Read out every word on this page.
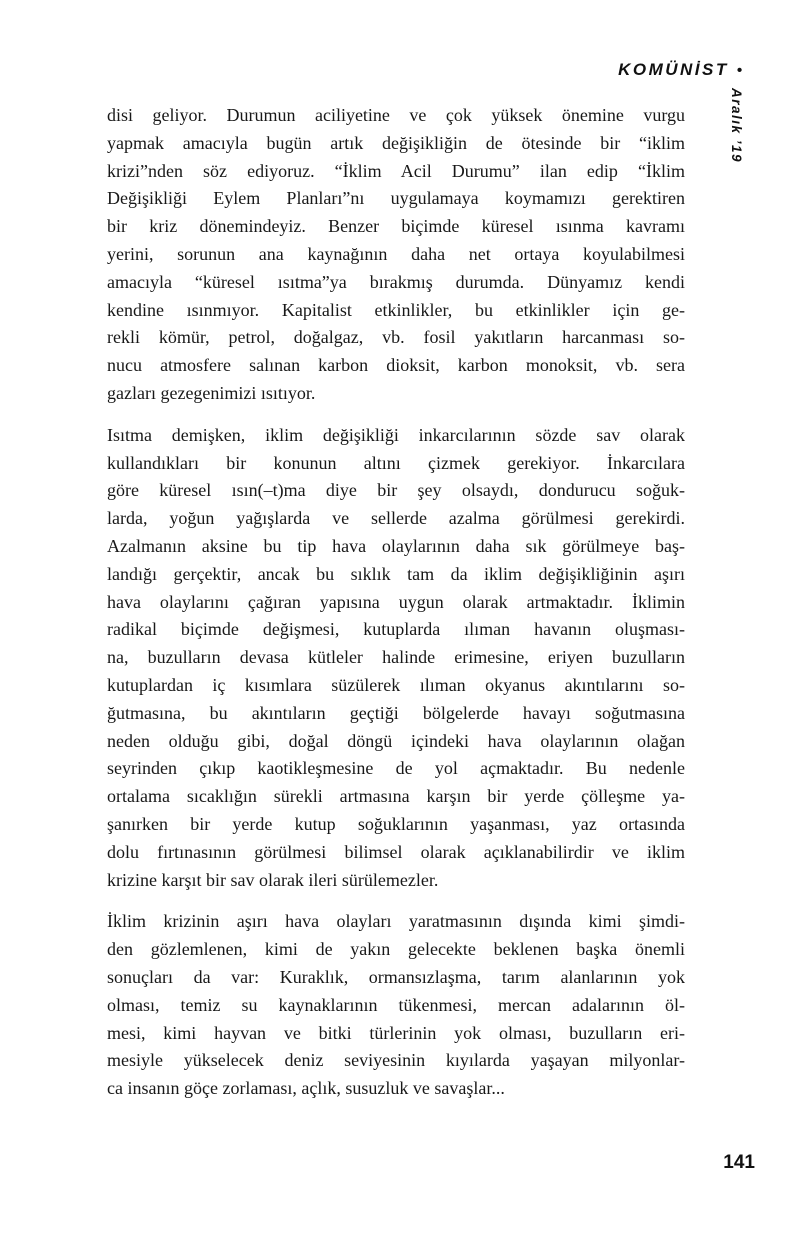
KOMÜNİST •
Aralık ’19
disi geliyor. Durumun aciliyetine ve çok yüksek önemine vurgu
yapmak amacıyla bugün artık değişikliğin de ötesinde bir “iklim
krizi”nden söz ediyoruz. “İklim Acil Durumu” ilan edip “İklim
Değişikliği Eylem Planları”nı uygulamaya koymamızı gerektiren
bir kriz dönemindeyiz. Benzer biçimde küresel ısınma kavramı
yerini, sorunun ana kaynağının daha net ortaya koyulabilmesi
amacıyla “küresel ısıtma”ya bırakmış durumda. Dünyamız kendi
kendine ısınmıyor. Kapitalist etkinlikler, bu etkinlikler için ge-
rekli kömür, petrol, doğalgaz, vb. fosil yakıtların harcanması so-
nucu atmosfere salınan karbon dioksit, karbon monoksit, vb. sera
gazları gezegenimizi ısıtıyor.
Isıtma demişken, iklim değişikliği inkarcılarının sözde sav olarak
kullandıkları bir konunun altını çizmek gerekiyor. İnkarcılara
göre küresel ısın(–t)ma diye bir şey olsaydı, dondurucu soğuk-
larda, yoğun yağışlarda ve sellerde azalma görülmesi gerekirdi.
Azalmanın aksine bu tip hava olaylarının daha sık görülmeye baş-
landığı gerçektir, ancak bu sıklık tam da iklim değişikliğinin aşırı
hava olaylarını çağıran yapısına uygun olarak artmaktadır. İklimin
radikal biçimde değişmesi, kutuplarda ılıman havanın oluşması-
na, buzulların devasa kütleler halinde erimesine, eriyen buzulların
kutuplardan iç kısımlara süzülerek ılıman okyanus akıntılarını so-
ğutmasına, bu akıntıların geçtiği bölgelerde havayı soğutmasına
neden olduğu gibi, doğal döngü içindeki hava olaylarının olağan
seyrinden çıkıp kaotikleşmesine de yol açmaktadır. Bu nedenle
ortalama sıcaklığın sürekli artmasına karşın bir yerde çölleşme ya-
şanırken bir yerde kutup soğuklarının yaşanması, yaz ortasında
dolu fırtınasının görülmesi bilimsel olarak açıklanabilirdir ve iklim
krizine karşıt bir sav olarak ileri sürülemezler.
İklim krizinin aşırı hava olayları yaratmasının dışında kimi şimdi-
den gözlemlenen, kimi de yakın gelecekte beklenen başka önemli
sonuçları da var: Kuraklık, ormansızlaşma, tarım alanlarının yok
olması, temiz su kaynaklarının tükenmesi, mercan adalarının öl-
mesi, kimi hayvan ve bitki türlerinin yok olması, buzulların eri-
mesiyle yükselecek deniz seviyesinin kıyılarda yaşayan milyonlar-
ca insanın göçe zorlaması, açlık, susuzluk ve savaşlar...
141
